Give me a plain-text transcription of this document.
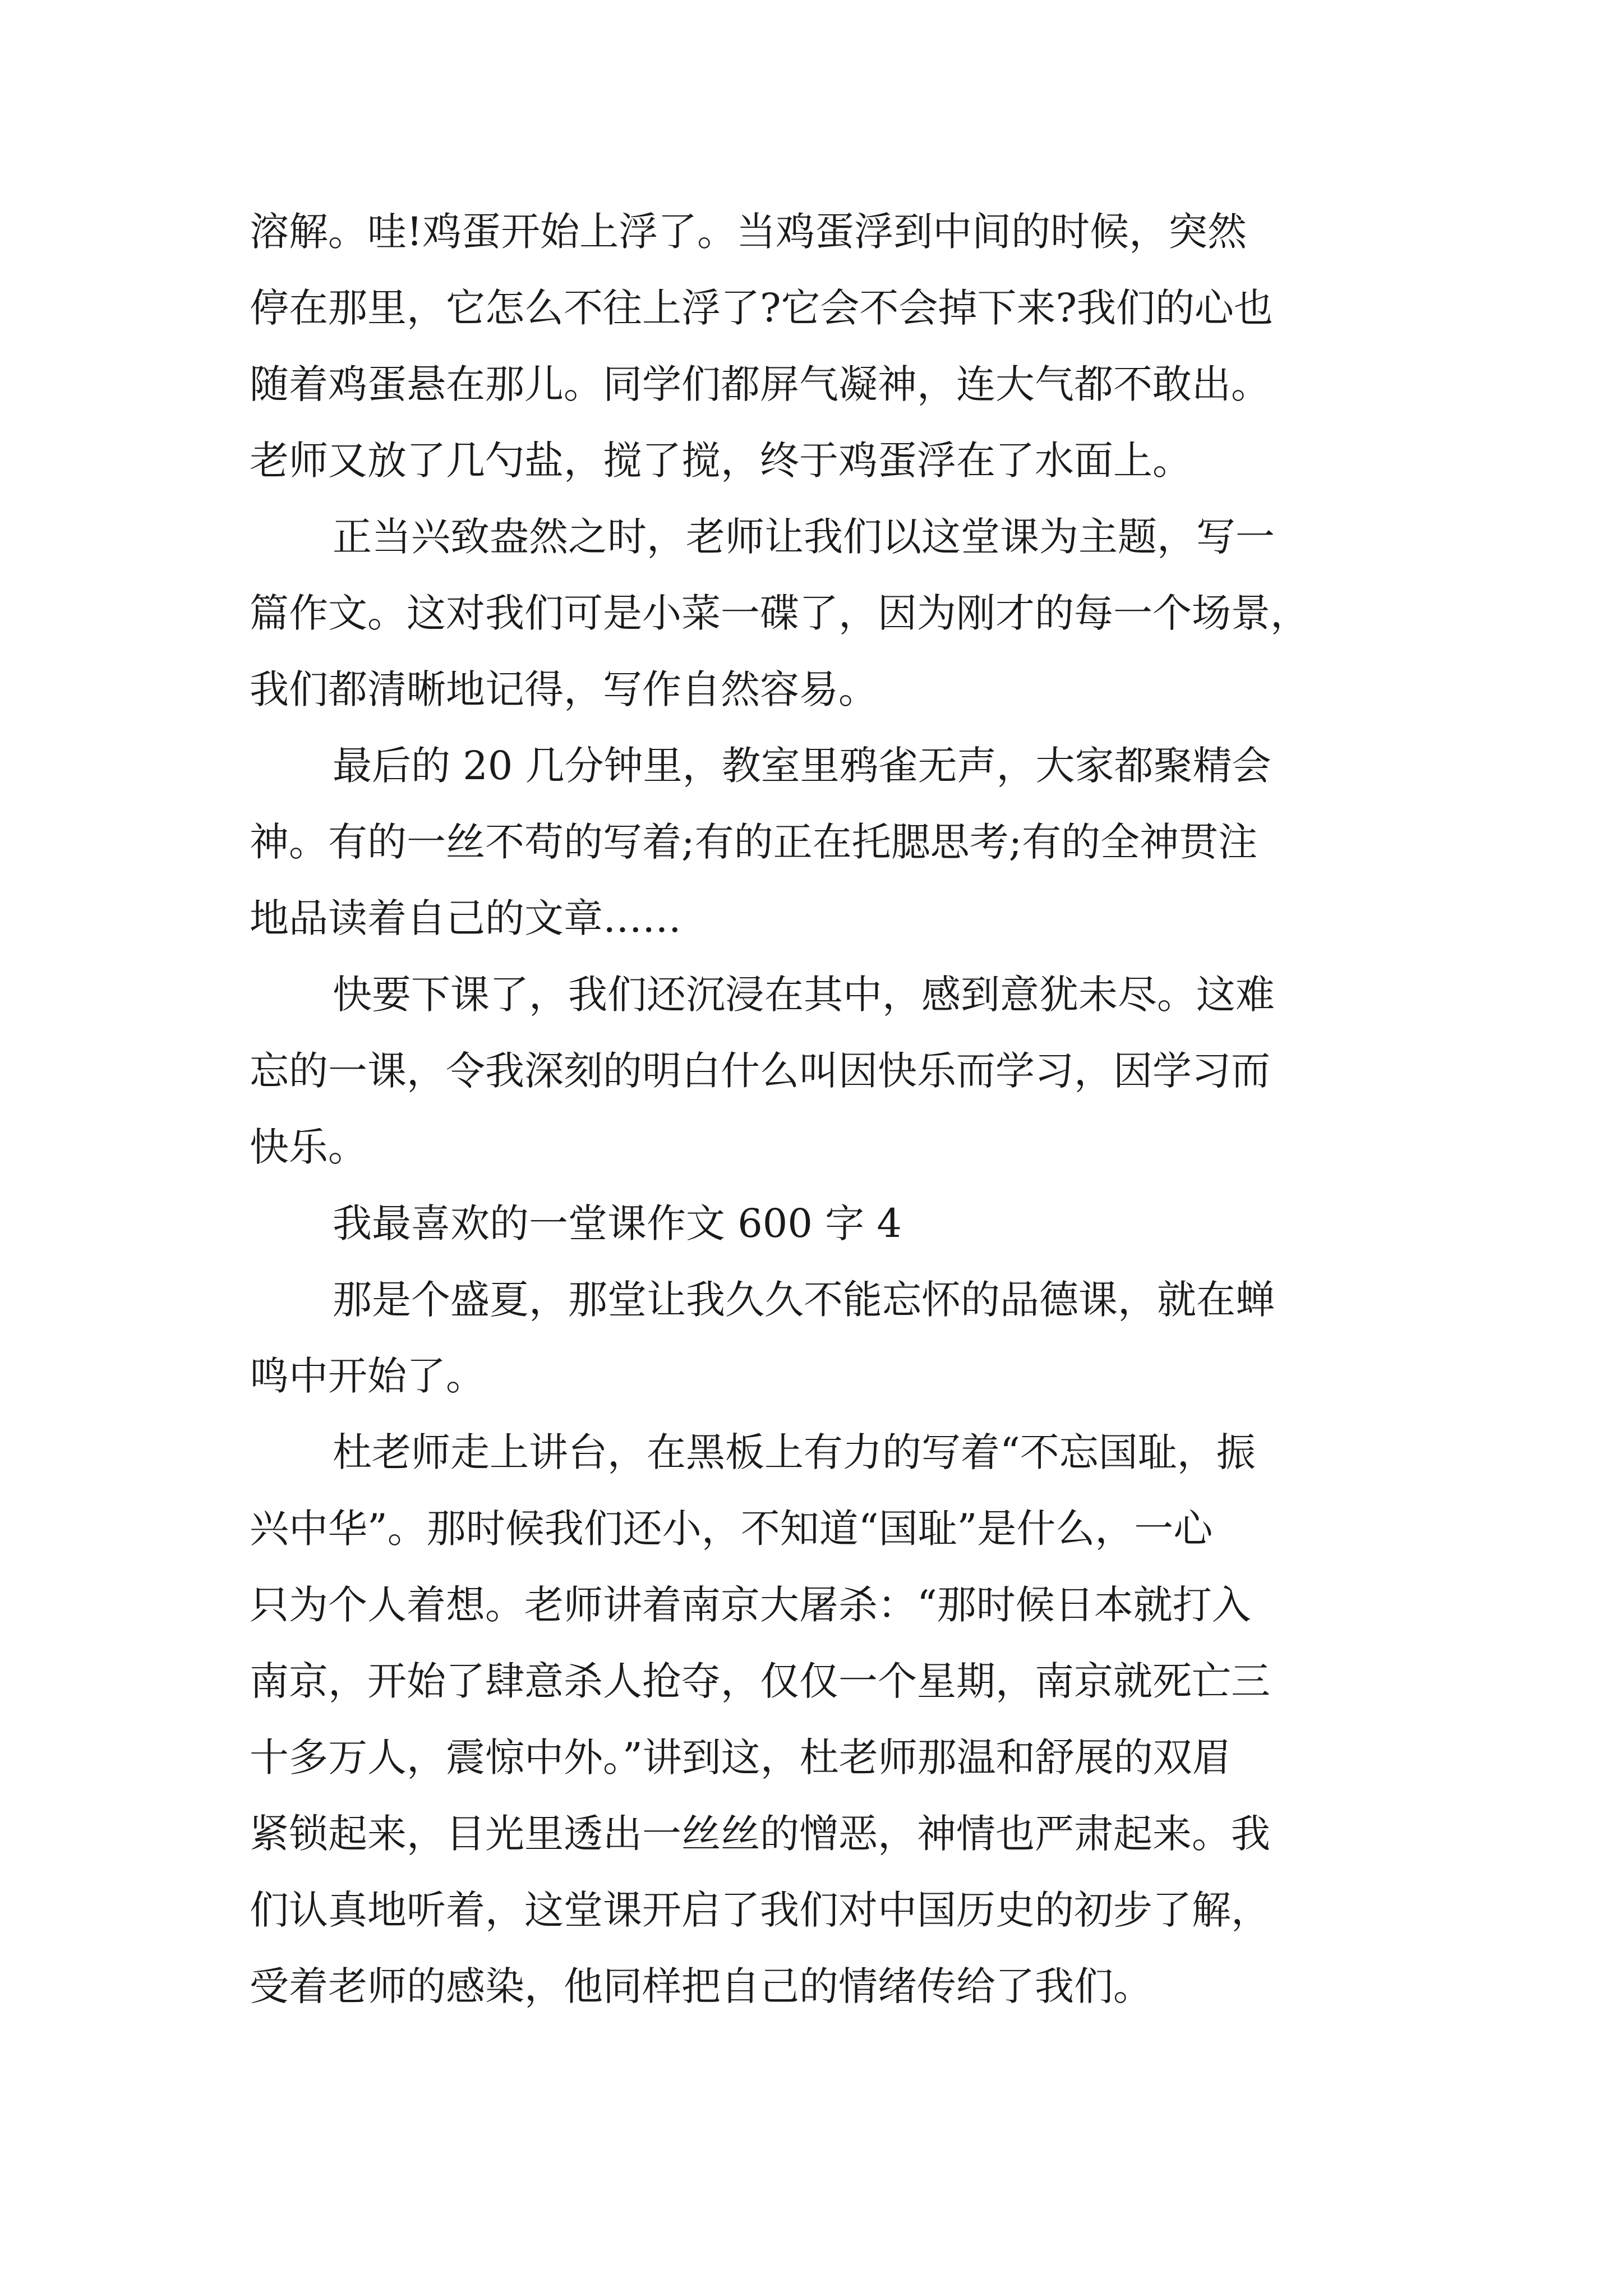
溶解。哇!鸡蛋开始上浮了。当鸡蛋浮到中间的时候，突然
停在那里，它怎么不往上浮了?它会不会掉下来?我们的心也
随着鸡蛋悬在那儿。同学们都屏气凝神，连大气都不敢出。
老师又放了几勺盐，搅了搅，终于鸡蛋浮在了水面上。
正当兴致盎然之时，老师让我们以这堂课为主题，写一
篇作文。这对我们可是小菜一碟了，因为刚才的每一个场景，
我们都清晰地记得，写作自然容易。
最后的 20 几分钟里，教室里鸦雀无声，大家都聚精会
神。有的一丝不苟的写着;有的正在托腮思考;有的全神贯注
地品读着自己的文章……
快要下课了，我们还沉浸在其中，感到意犹未尽。这难
忘的一课，令我深刻的明白什么叫因快乐而学习，因学习而
快乐。
我最喜欢的一堂课作文 600 字 4
那是个盛夏，那堂让我久久不能忘怀的品德课，就在蝉
鸣中开始了。
杜老师走上讲台，在黑板上有力的写着“不忘国耻，振
兴中华”。那时候我们还小，不知道“国耻”是什么，一心
只为个人着想。老师讲着南京大屠杀：“那时候日本就打入
南京，开始了肆意杀人抢夺，仅仅一个星期，南京就死亡三
十多万人，震惊中外。”讲到这，杜老师那温和舒展的双眉
紧锁起来，目光里透出一丝丝的憎恶，神情也严肃起来。我
们认真地听着，这堂课开启了我们对中国历史的初步了解，
受着老师的感染，他同样把自己的情绪传给了我们。
